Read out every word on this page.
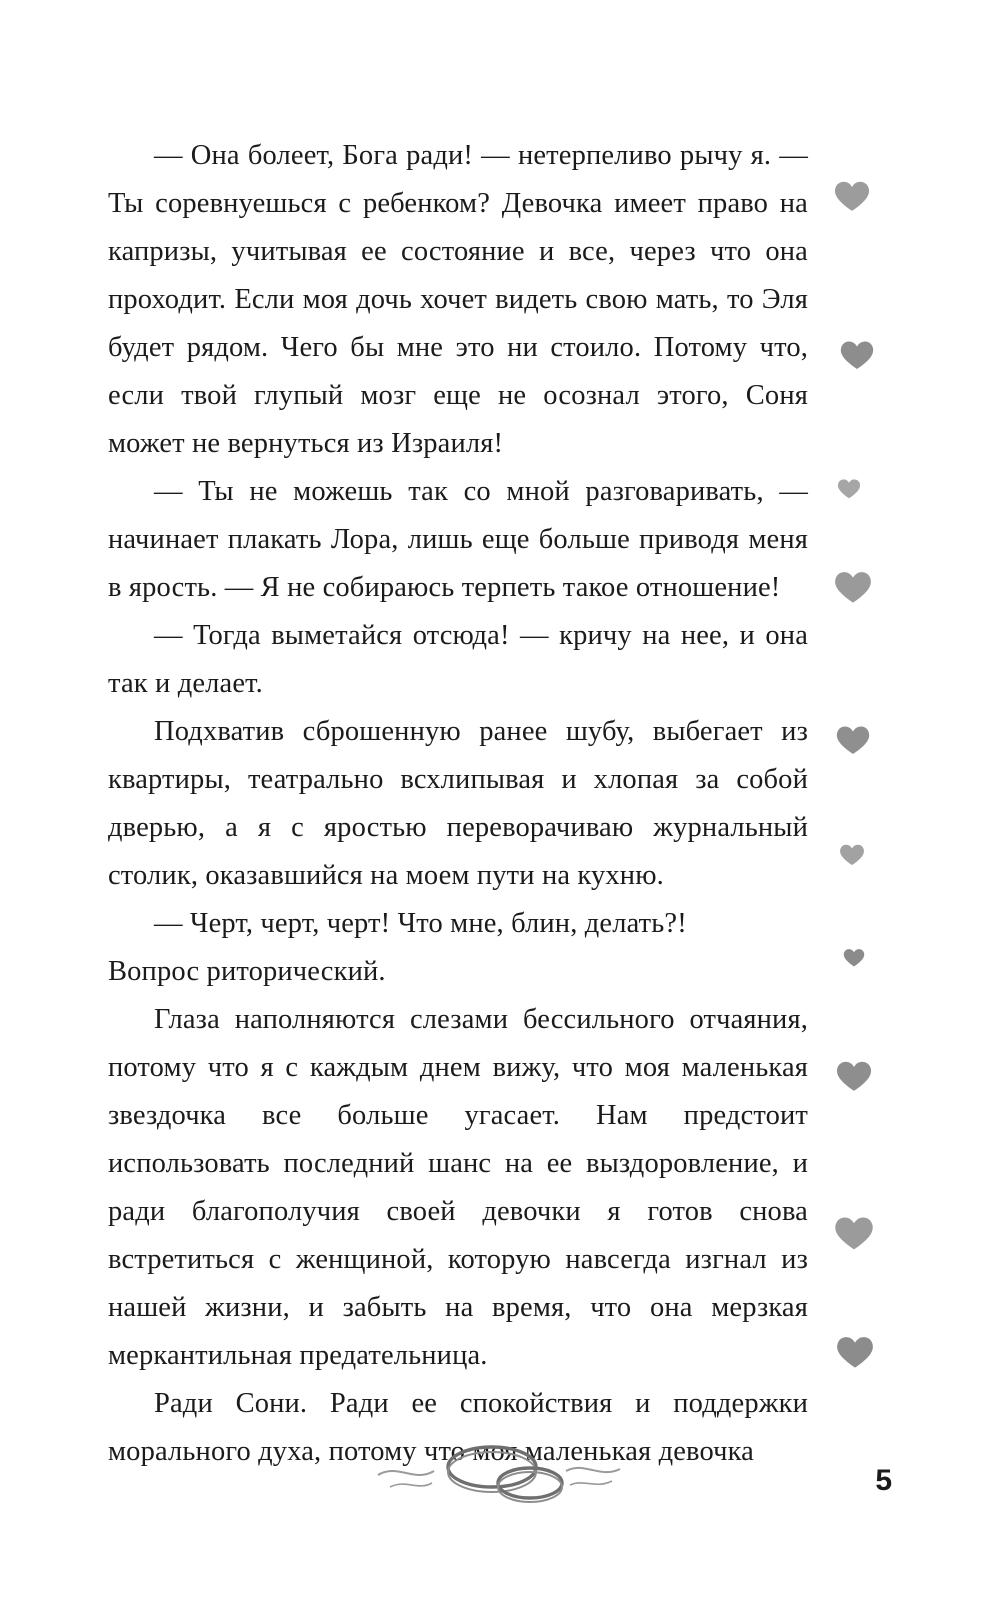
— Она болеет, Бога ради! — нетерпеливо рычу я. — Ты соревнуешься с ребенком? Девочка имеет право на капризы, учитывая ее состояние и все, через что она проходит. Если моя дочь хочет видеть свою мать, то Эля будет рядом. Чего бы мне это ни стоило. Потому что, если твой глупый мозг еще не осознал этого, Соня может не вернуться из Израиля!

— Ты не можешь так со мной разговаривать, — начинает плакать Лора, лишь еще больше приводя меня в ярость. — Я не собираюсь терпеть такое отношение!

— Тогда выметайся отсюда! — кричу на нее, и она так и делает.

Подхватив сброшенную ранее шубу, выбегает из квартиры, театрально всхлипывая и хлопая за собой дверью, а я с яростью переворачиваю журнальный столик, оказавшийся на моем пути на кухню.

— Черт, черт, черт! Что мне, блин, делать?!

Вопрос риторический.

Глаза наполняются слезами бессильного отчаяния, потому что я с каждым днем вижу, что моя маленькая звездочка все больше угасает. Нам предстоит использовать последний шанс на ее выздоровление, и ради благополучия своей девочки я готов снова встретиться с женщиной, которую навсегда изгнал из нашей жизни, и забыть на время, что она мерзкая меркантильная предательница.

Ради Сони. Ради ее спокойствия и поддержки морального духа, потому что моя маленькая девочка

5
